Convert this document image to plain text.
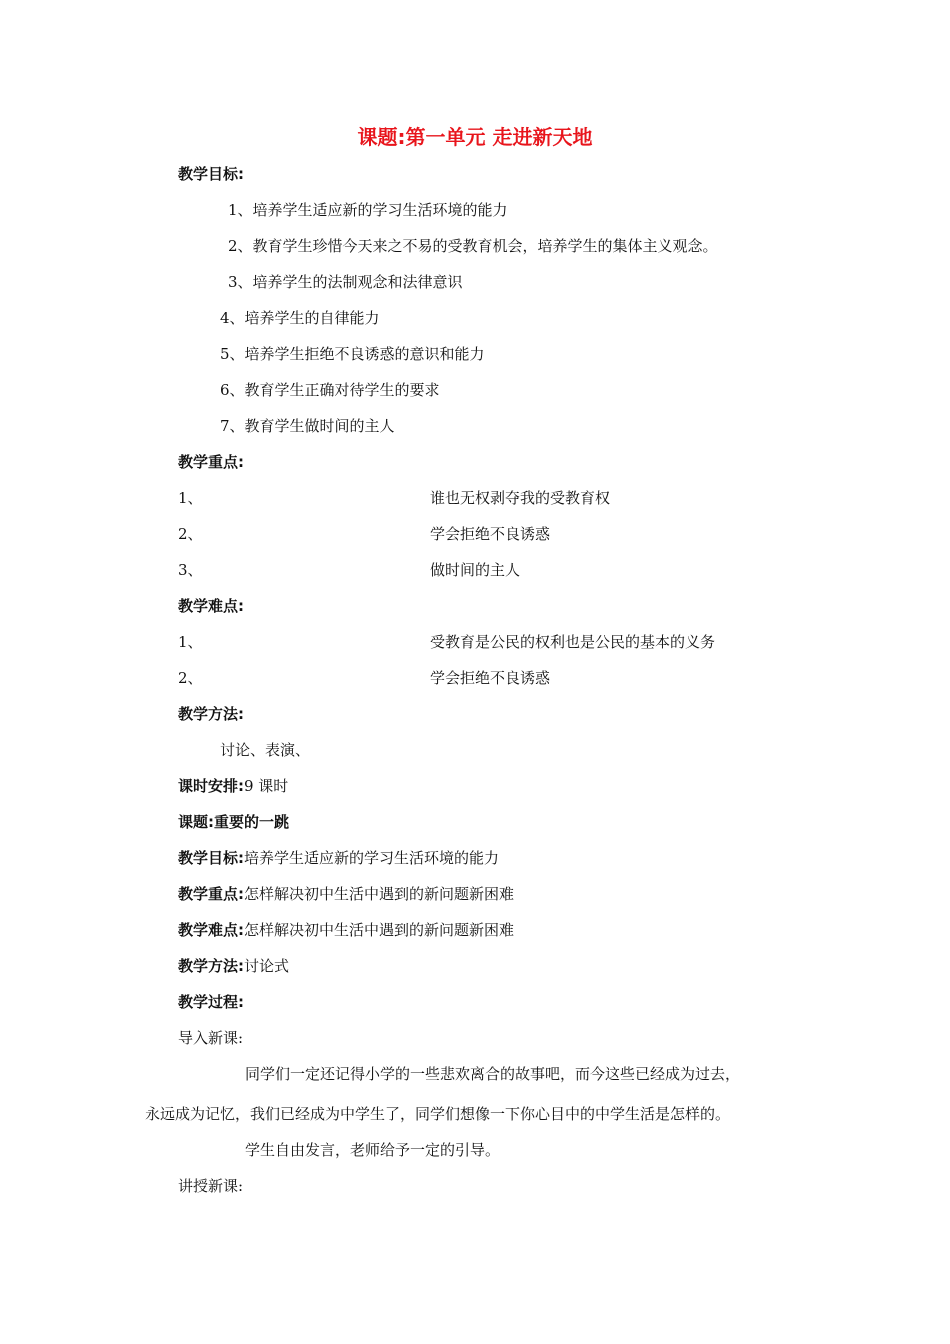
课题:第一单元 走进新天地
教学目标:
1、培养学生适应新的学习生活环境的能力
2、教育学生珍惜今天来之不易的受教育机会，培养学生的集体主义观念。
3、培养学生的法制观念和法律意识
4、培养学生的自律能力
5、培养学生拒绝不良诱惑的意识和能力
6、教育学生正确对待学生的要求
7、教育学生做时间的主人
教学重点:
1、	谁也无权剥夺我的受教育权
2、	学会拒绝不良诱惑
3、	做时间的主人
教学难点:
1、	受教育是公民的权利也是公民的基本的义务
2、	学会拒绝不良诱惑
教学方法:
讨论、表演、
课时安排:9 课时
课题:重要的一跳
教学目标:培养学生适应新的学习生活环境的能力
教学重点:怎样解决初中生活中遇到的新问题新困难
教学难点:怎样解决初中生活中遇到的新问题新困难
教学方法:讨论式
教学过程:
导入新课:
同学们一定还记得小学的一些悲欢离合的故事吧，而今这些已经成为过去，
永远成为记忆，我们已经成为中学生了，同学们想像一下你心目中的中学生活是怎样的。
学生自由发言，老师给予一定的引导。
讲授新课:
